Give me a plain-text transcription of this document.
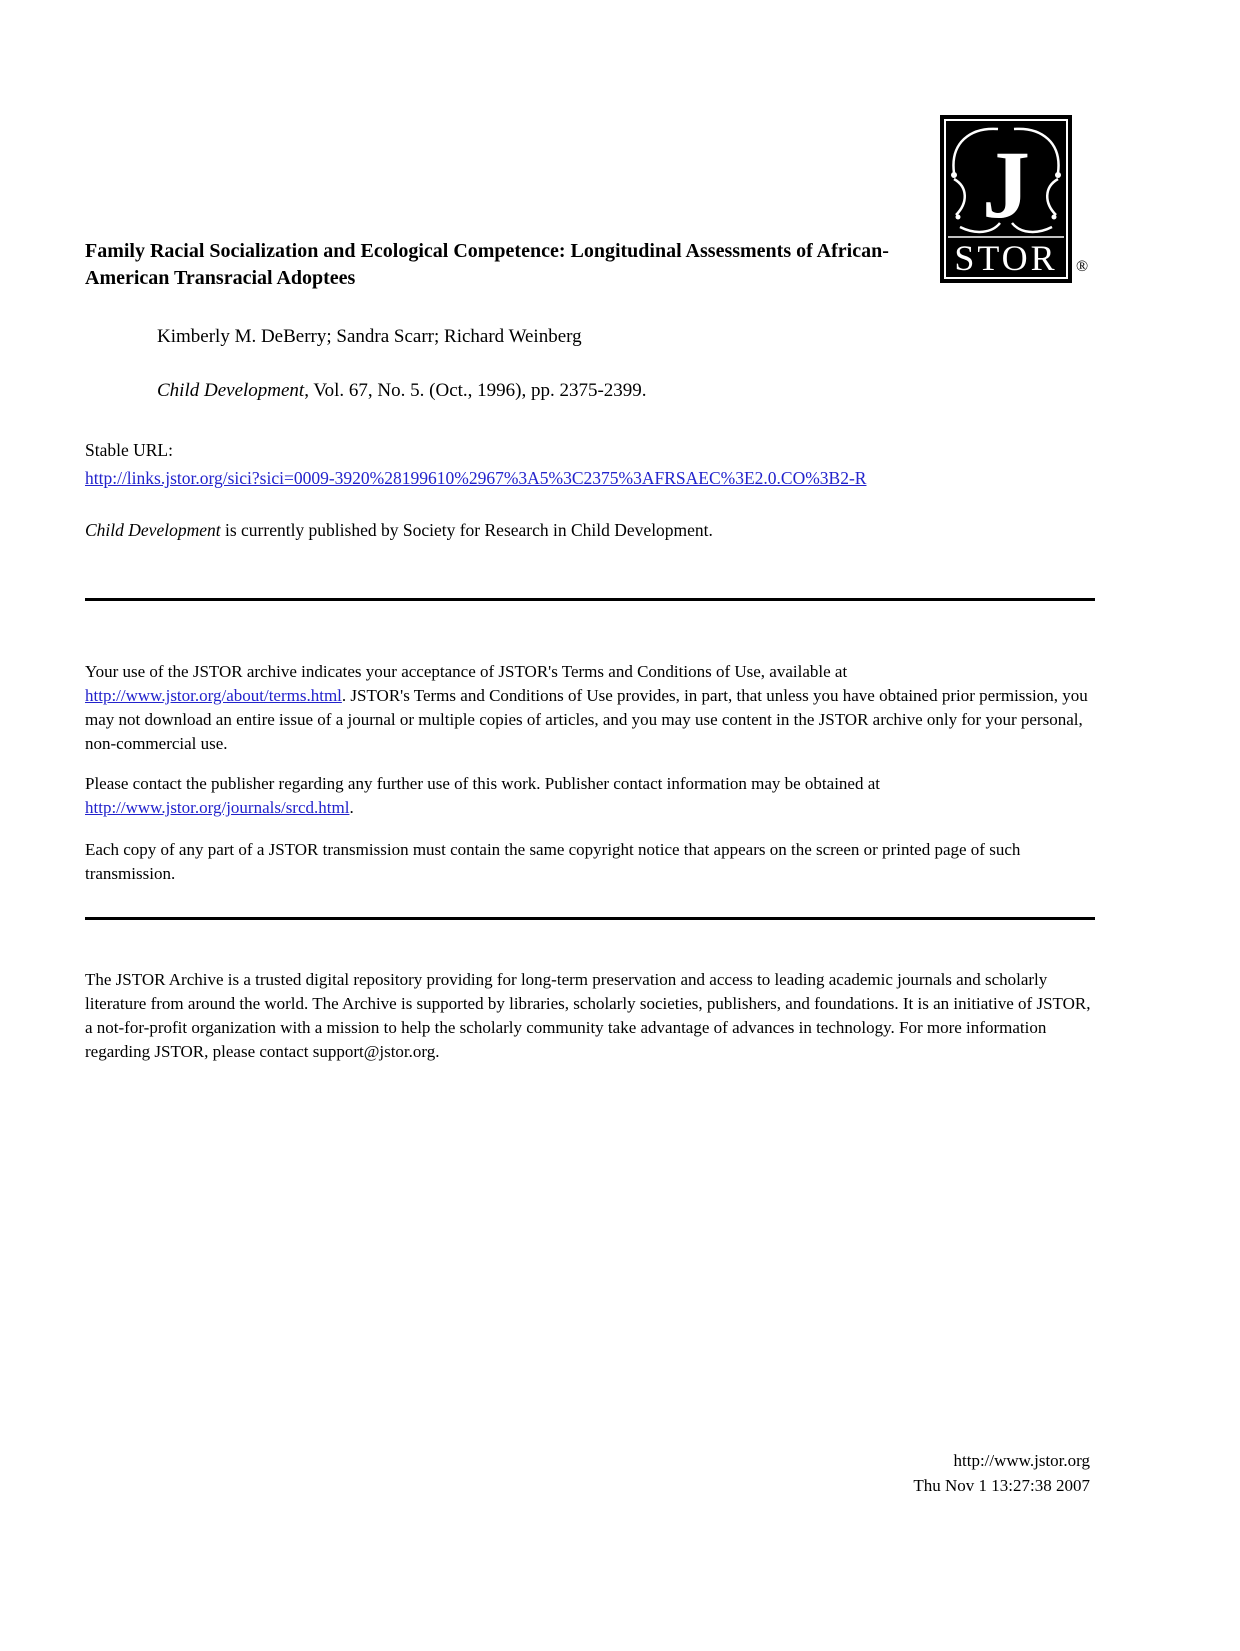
J
STOR ®
Family Racial Socialization and Ecological Competence: Longitudinal Assessments of African-American Transracial Adoptees

Kimberly M. DeBerry; Sandra Scarr; Richard Weinberg

Child Development, Vol. 67, No. 5. (Oct., 1996), pp. 2375-2399.

Stable URL:

http://links.jstor.org/sici?sici=0009-3920%28199610%2967%3A5%3C2375%3AFRSAEC%3E2.0.CO%3B2-R

Child Development is currently published by Society for Research in Child Development.

Your use of the JSTOR archive indicates your acceptance of JSTOR's Terms and Conditions of Use, available at http://www.jstor.org/about/terms.html. JSTOR's Terms and Conditions of Use provides, in part, that unless you have obtained prior permission, you may not download an entire issue of a journal or multiple copies of articles, and you may use content in the JSTOR archive only for your personal, non-commercial use.

Please contact the publisher regarding any further use of this work. Publisher contact information may be obtained at http://www.jstor.org/journals/srcd.html.

Each copy of any part of a JSTOR transmission must contain the same copyright notice that appears on the screen or printed page of such transmission.

The JSTOR Archive is a trusted digital repository providing for long-term preservation and access to leading academic journals and scholarly literature from around the world. The Archive is supported by libraries, scholarly societies, publishers, and foundations. It is an initiative of JSTOR, a not-for-profit organization with a mission to help the scholarly community take advantage of advances in technology. For more information regarding JSTOR, please contact support@jstor.org.

http://www.jstor.org
Thu Nov 1 13:27:38 2007
